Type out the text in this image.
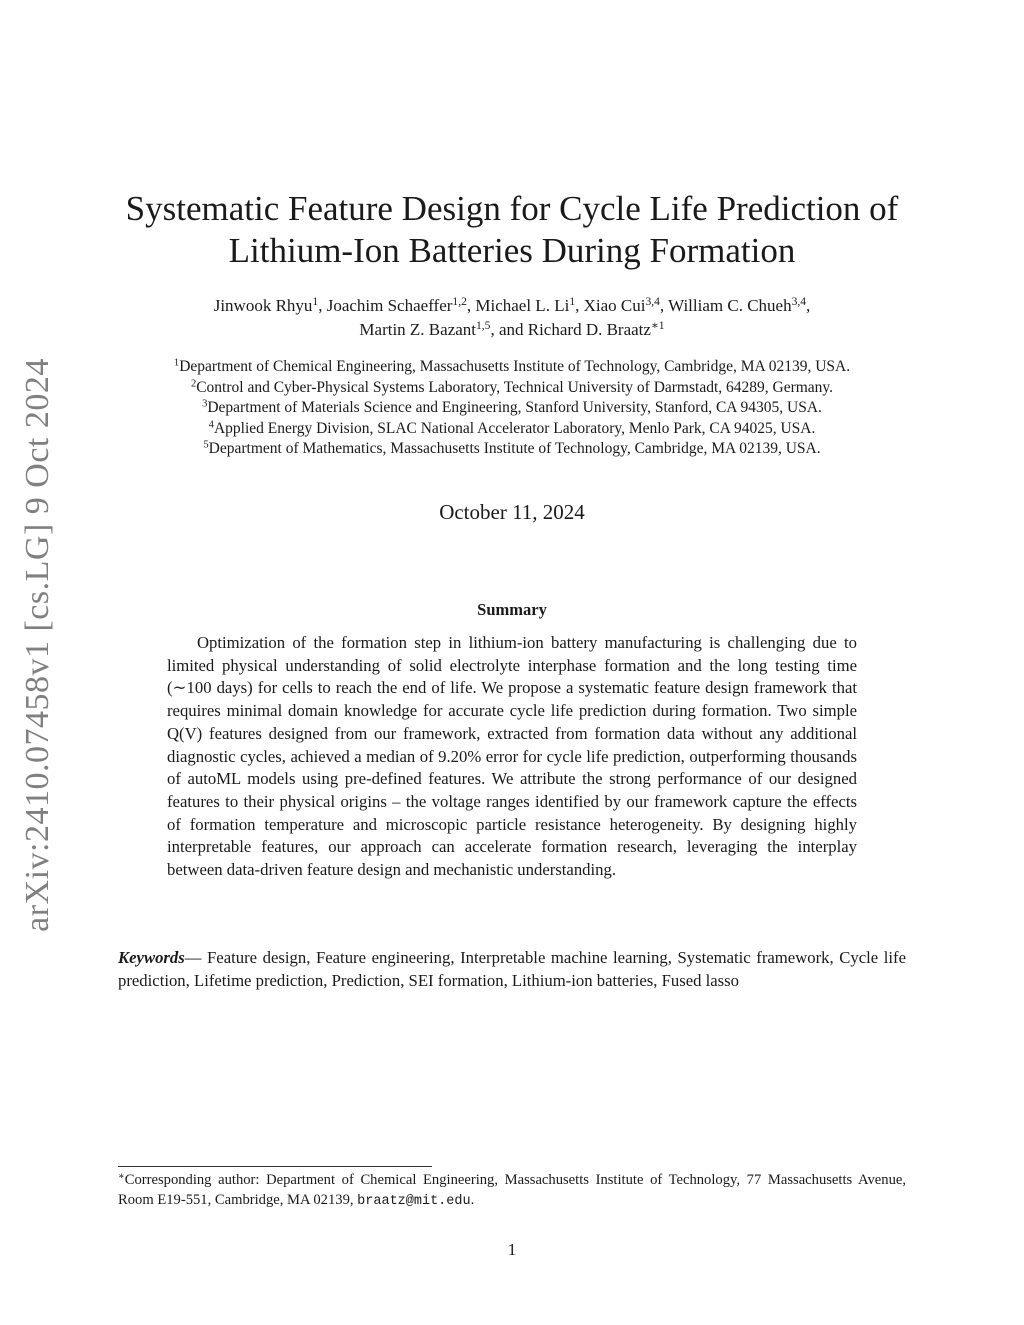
arXiv:2410.07458v1 [cs.LG] 9 Oct 2024
Systematic Feature Design for Cycle Life Prediction of
Lithium-Ion Batteries During Formation
Jinwook Rhyu$^1$, Joachim Schaeffer$^{1,2}$, Michael L. Li$^1$, Xiao Cui$^{3,4}$, William C. Chueh$^{3,4}$,
Martin Z. Bazant$^{1,5}$, and Richard D. Braatz$^{∗1}$
$^1$Department of Chemical Engineering, Massachusetts Institute of Technology, Cambridge, MA 02139, USA.
$^2$Control and Cyber-Physical Systems Laboratory, Technical University of Darmstadt, 64289, Germany.
$^3$Department of Materials Science and Engineering, Stanford University, Stanford, CA 94305, USA.
$^4$Applied Energy Division, SLAC National Accelerator Laboratory, Menlo Park, CA 94025, USA.
$^5$Department of Mathematics, Massachusetts Institute of Technology, Cambridge, MA 02139, USA.
October 11, 2024
Summary

Optimization of the formation step in lithium-ion battery manufacturing is challenging due to limited physical understanding of solid electrolyte interphase formation and the long testing time (∼100 days) for cells to reach the end of life. We propose a systematic feature design framework that requires minimal domain knowledge for accurate cycle life prediction during formation. Two simple Q(V) features designed from our framework, extracted from formation data without any additional diagnostic cycles, achieved a median of 9.20% error for cycle life prediction, outperforming thousands of autoML models using pre-defined features. We attribute the strong performance of our designed features to their physical origins – the voltage ranges identified by our framework capture the effects of formation temperature and microscopic particle resistance heterogeneity. By designing highly interpretable features, our approach can accelerate formation research, leveraging the interplay between data-driven feature design and mechanistic understanding.

Keywords— Feature design, Feature engineering, Interpretable machine learning, Systematic framework, Cycle life prediction, Lifetime prediction, Prediction, SEI formation, Lithium-ion batteries, Fused lasso

∗Corresponding author: Department of Chemical Engineering, Massachusetts Institute of Technology, 77 Massachusetts Avenue, Room E19-551, Cambridge, MA 02139, braatz@mit.edu.

1
